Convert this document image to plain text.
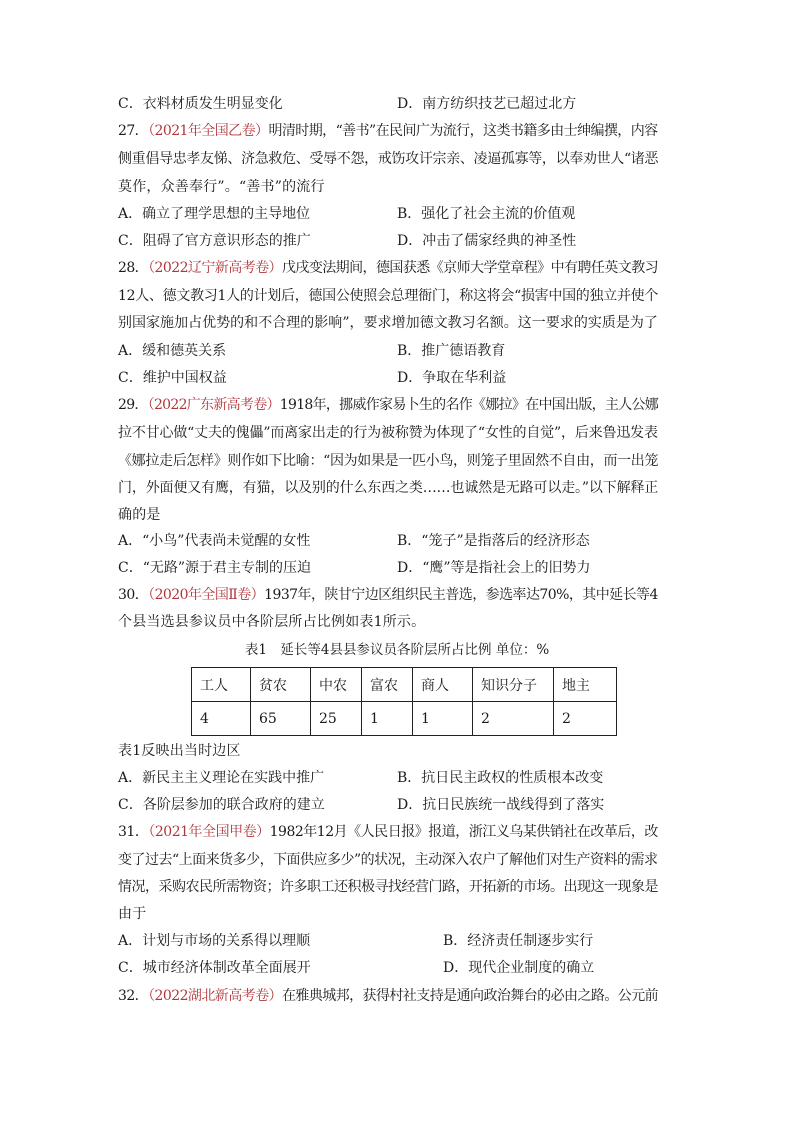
C．衣料材质发生明显变化	D．南方纺织技艺已超过北方
27．（2021年全国乙卷）明清时期，“善书”在民间广为流行，这类书籍多由士绅编撰，内容
侧重倡导忠孝友悌、济急救危、受辱不怨，戒饬攻讦宗亲、凌逼孤寡等，以奉劝世人“诸恶
莫作，众善奉行”。“善书”的流行
A．确立了理学思想的主导地位	B．强化了社会主流的价值观
C．阻碍了官方意识形态的推广	D．冲击了儒家经典的神圣性
28．（2022辽宁新高考卷）戊戌变法期间，德国获悉《京师大学堂章程》中有聘任英文教习
12人、德文教习1人的计划后，德国公使照会总理衙门，称这将会“损害中国的独立并使个
别国家施加占优势的和不合理的影响”，要求增加德文教习名额。这一要求的实质是为了
A．缓和德英关系	B．推广德语教育
C．维护中国权益	D．争取在华利益
29．（2022广东新高考卷）1918年，挪威作家易卜生的名作《娜拉》在中国出版，主人公娜
拉不甘心做“丈夫的傀儡”而离家出走的行为被称赞为体现了“女性的自觉”，后来鲁迅发表
《娜拉走后怎样》则作如下比喻：“因为如果是一匹小鸟，则笼子里固然不自由，而一出笼
门，外面便又有鹰，有猫，以及别的什么东西之类……也诚然是无路可以走。”以下解释正
确的是
A．“小鸟”代表尚未觉醒的女性	B．“笼子”是指落后的经济形态
C．“无路”源于君主专制的压迫	D．“鹰”等是指社会上的旧势力
30．（2020年全国Ⅱ卷）1937年，陕甘宁边区组织民主普选，参选率达70%，其中延长等4
个县当选县参议员中各阶层所占比例如表1所示。
表1　延长等4县县参议员各阶层所占比例 单位：%
工人	贫农	中农	富农	商人	知识分子	地主
4	65	25	1	1	2	2
表1反映出当时边区
A．新民主主义理论在实践中推广	B．抗日民主政权的性质根本改变
C．各阶层参加的联合政府的建立	D．抗日民族统一战线得到了落实
31．（2021年全国甲卷）1982年12月《人民日报》报道，浙江义乌某供销社在改革后，改
变了过去“上面来货多少，下面供应多少”的状况，主动深入农户了解他们对生产资料的需求
情况，采购农民所需物资；许多职工还积极寻找经营门路，开拓新的市场。出现这一现象是
由于
A．计划与市场的关系得以理顺	B．经济责任制逐步实行
C．城市经济体制改革全面展开	D．现代企业制度的确立
32．（2022湖北新高考卷）在雅典城邦，获得村社支持是通向政治舞台的必由之路。公元前
